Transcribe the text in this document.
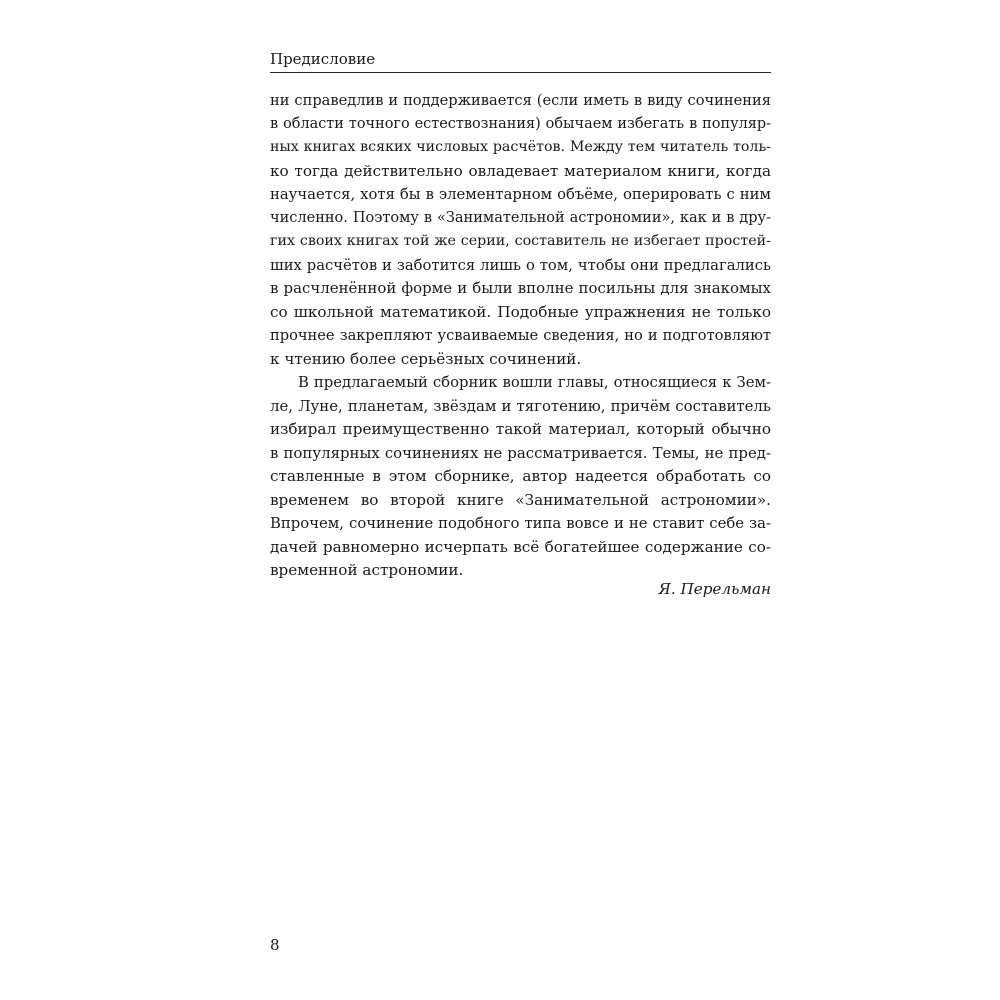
Предисловие
ни справедлив и поддерживается (если иметь в виду сочинения
в области точного естествознания) обычаем избегать в популяр-
ных книгах всяких числовых расчётов. Между тем читатель толь-
ко тогда действительно овладевает материалом книги, когда
научается, хотя бы в элементарном объёме, оперировать с ним
численно. Поэтому в «Занимательной астрономии», как и в дру-
гих своих книгах той же серии, составитель не избегает простей-
ших расчётов и заботится лишь о том, чтобы они предлагались
в расчленённой форме и были вполне посильны для знакомых
со школьной математикой. Подобные упражнения не только
прочнее закрепляют усваиваемые сведения, но и подготовляют
к чтению более серьёзных сочинений.
В предлагаемый сборник вошли главы, относящиеся к Зем-
ле, Луне, планетам, звёздам и тяготению, причём составитель
избирал преимущественно такой материал, который обычно
в популярных сочинениях не рассматривается. Темы, не пред-
ставленные в этом сборнике, автор надеется обработать со
временем во второй книге «Занимательной астрономии».
Впрочем, сочинение подобного типа вовсе и не ставит себе за-
дачей равномерно исчерпать всё богатейшее содержание со-
временной астрономии.
Я. Перельман
8
